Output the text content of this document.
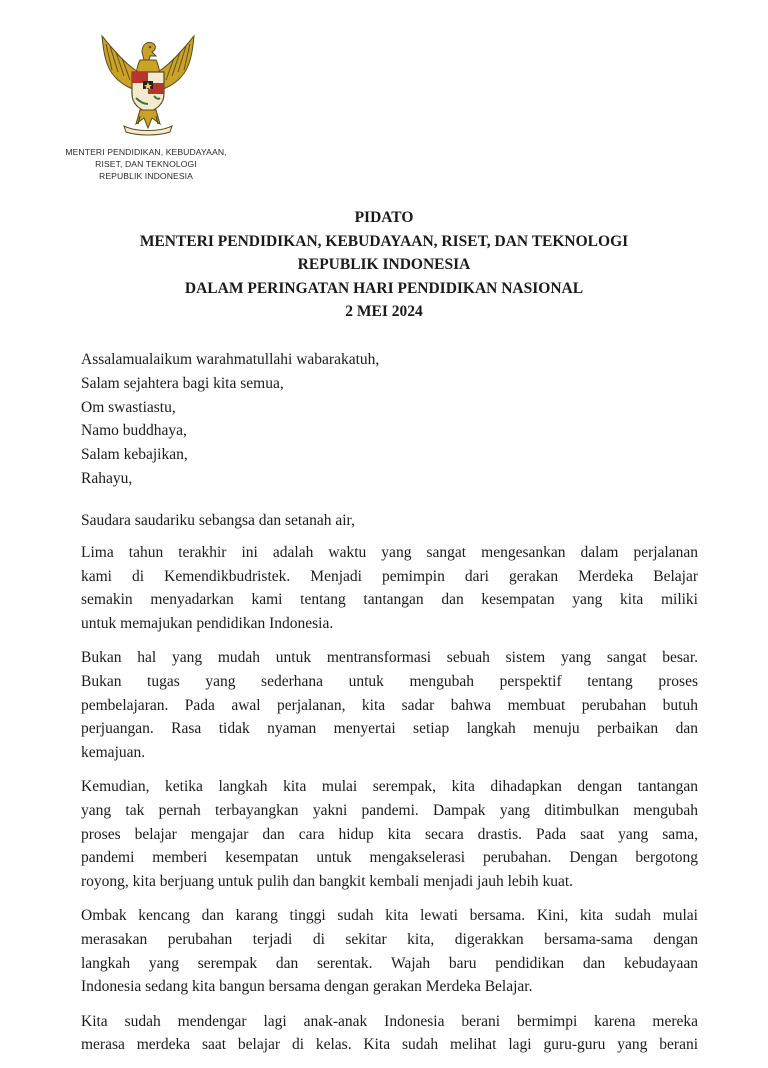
MENTERI PENDIDIKAN, KEBUDAYAAN,
RISET, DAN TEKNOLOGI
REPUBLIK INDONESIA
PIDATO
MENTERI PENDIDIKAN, KEBUDAYAAN, RISET, DAN TEKNOLOGI
REPUBLIK INDONESIA
DALAM PERINGATAN HARI PENDIDIKAN NASIONAL
2 MEI 2024
Assalamualaikum warahmatullahi wabarakatuh,
Salam sejahtera bagi kita semua,
Om swastiastu,
Namo buddhaya,
Salam kebajikan,
Rahayu,
Saudara saudariku sebangsa dan setanah air,

Lima tahun terakhir ini adalah waktu yang sangat mengesankan dalam perjalanan
kami di Kemendikbudristek. Menjadi pemimpin dari gerakan Merdeka Belajar
semakin menyadarkan kami tentang tantangan dan kesempatan yang kita miliki
untuk memajukan pendidikan Indonesia.

Bukan hal yang mudah untuk mentransformasi sebuah sistem yang sangat besar.
Bukan tugas yang sederhana untuk mengubah perspektif tentang proses
pembelajaran. Pada awal perjalanan, kita sadar bahwa membuat perubahan butuh
perjuangan. Rasa tidak nyaman menyertai setiap langkah menuju perbaikan dan
kemajuan.

Kemudian, ketika langkah kita mulai serempak, kita dihadapkan dengan tantangan
yang tak pernah terbayangkan yakni pandemi. Dampak yang ditimbulkan mengubah
proses belajar mengajar dan cara hidup kita secara drastis. Pada saat yang sama,
pandemi memberi kesempatan untuk mengakselerasi perubahan. Dengan bergotong
royong, kita berjuang untuk pulih dan bangkit kembali menjadi jauh lebih kuat.

Ombak kencang dan karang tinggi sudah kita lewati bersama. Kini, kita sudah mulai
merasakan perubahan terjadi di sekitar kita, digerakkan bersama-sama dengan
langkah yang serempak dan serentak. Wajah baru pendidikan dan kebudayaan
Indonesia sedang kita bangun bersama dengan gerakan Merdeka Belajar.

Kita sudah mendengar lagi anak-anak Indonesia berani bermimpi karena mereka
merasa merdeka saat belajar di kelas. Kita sudah melihat lagi guru-guru yang berani
